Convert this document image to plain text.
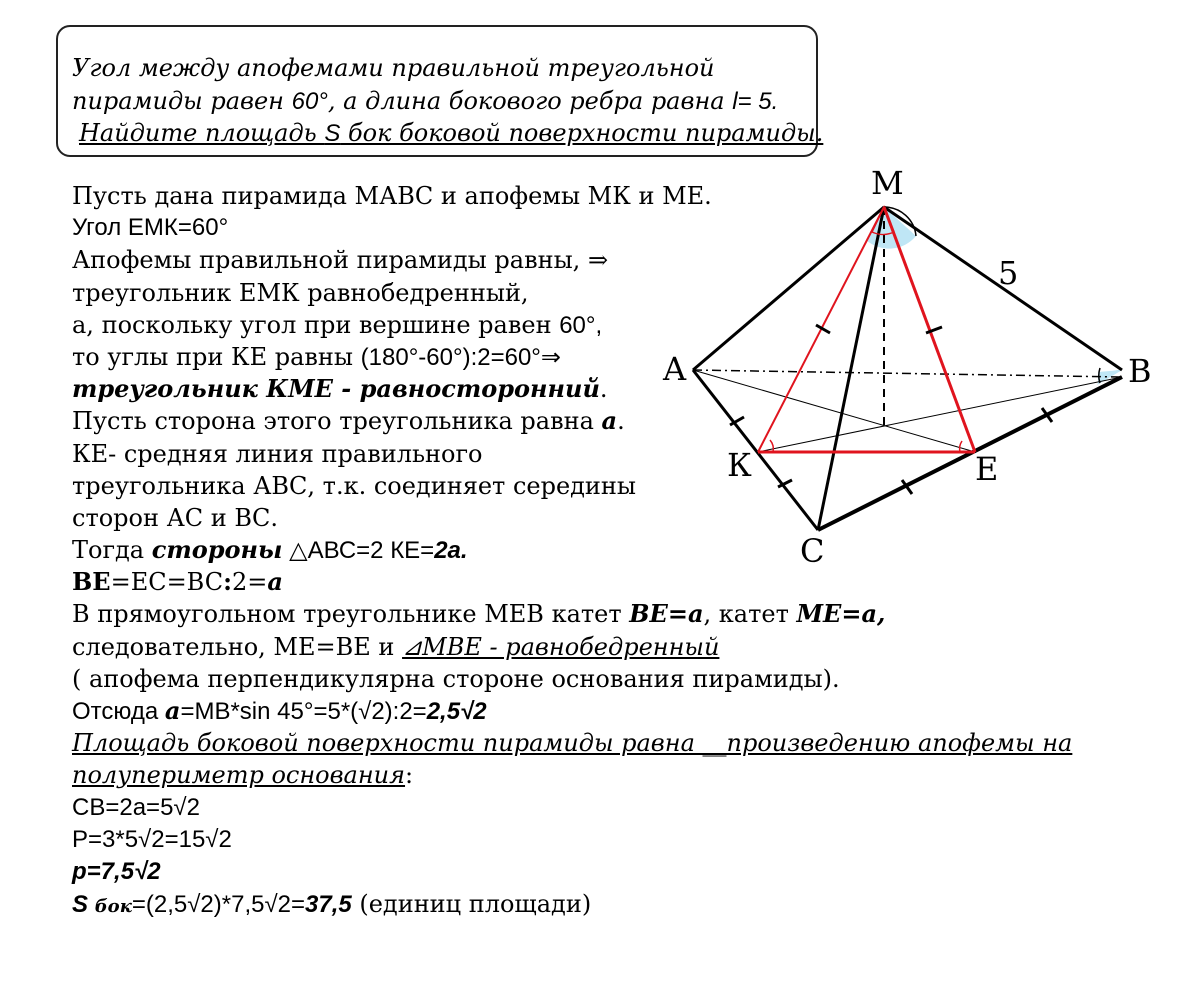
Угол между апофемами правильной треугольной
пирамиды равен 60°, а длина бокового ребра равна l= 5.
Найдите площадь S бок боковой поверхности пирамиды.
M
A	B
К	E
C
5
Пусть дана пирамида МАВС и апофемы МК и МЕ.
Угол ЕМК=60°
Апофемы правильной пирамиды равны, ⇒
треугольник ЕМК равнобедренный,
а, поскольку угол при вершине равен 60°,
то углы при КЕ равны (180°-60°):2=60°⇒
треугольник КМЕ - равносторонний.
Пусть сторона этого треугольника равна a.
КЕ- средняя линия правильного
треугольника АВС, т.к. соединяет середины
сторон АС и ВС.
Тогда стороны △АВС=2 КЕ=2a.
BE=EC=BC:2=a
В прямоугольном треугольнике МЕВ катет BE=a, катет ME=a,
следовательно, МЕ=ВЕ и ⊿МВЕ - равнобедренный
( апофема перпендикулярна стороне основания пирамиды).
Отсюда a=MB*sin 45°=5*(√2):2=2,5√2
Площадь боковой поверхности пирамиды равна __произведению апофемы на
полупериметр основания:
CB=2a=5√2
P=3*5√2=15√2
p=7,5√2
S бок=(2,5√2)*7,5√2=37,5 (единиц площади)
